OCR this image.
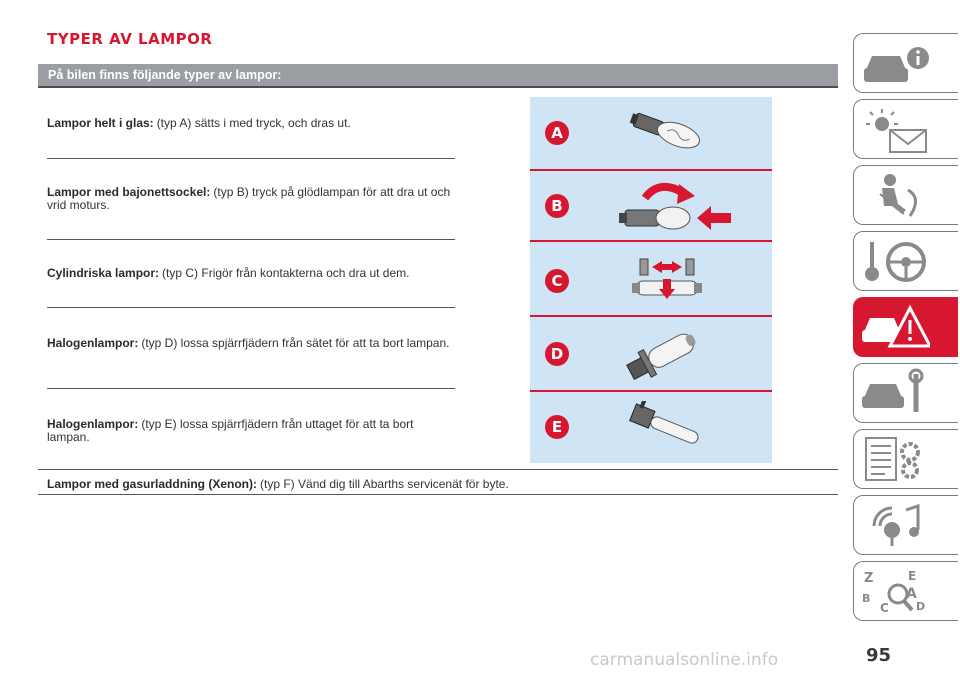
TYPER AV LAMPOR
På bilen finns följande typer av lampor:
Lampor helt i glas: (typ A) sätts i med tryck, och dras ut.
Lampor med bajonettsockel: (typ B) tryck på glödlampan för att dra ut och vrid moturs.
Cylindriska lampor: (typ C) Frigör från kontakterna och dra ut dem.
Halogenlampor: (typ D) lossa spjärrfjädern från sätet för att ta bort lampan.
Halogenlampor: (typ E) lossa spjärrfjädern från uttaget för att ta bort lampan.
Lampor med gasurladdning (Xenon): (typ F) Vänd dig till Abarths servicenät för byte.
A
B
C
D
E
Z	E
B	A
D
C
95
carmanualsonline.info
